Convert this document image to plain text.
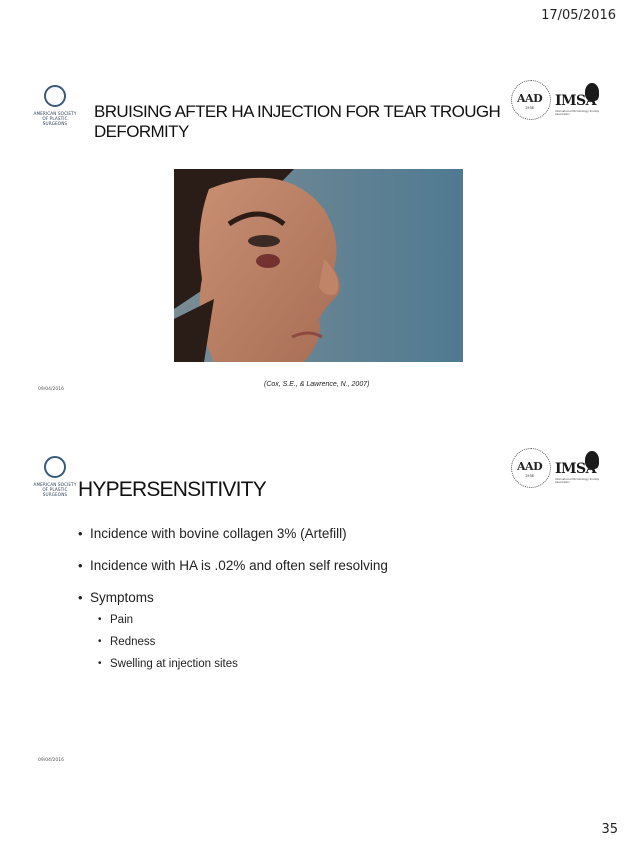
17/05/2016
AMERICAN SOCIETY OF PLASTIC SURGEONS
BRUISING AFTER HA INJECTION FOR TEAR TROUGH DEFORMITY
AAD
1938 IMSA
International Microbiology Society Association
(Cox, S.E., & Lawrence, N., 2007)
09/04/2016
AMERICAN SOCIETY OF PLASTIC SURGEONS HYPERSENSITIVITY
AAD
1938 IMSA
International Microbiology Society Association
• Incidence with bovine collagen 3% (Artefill)
• Incidence with HA is .02% and often self resolving
• Symptoms
• Pain
• Redness
• Swelling at injection sites
09/04/2016
35
